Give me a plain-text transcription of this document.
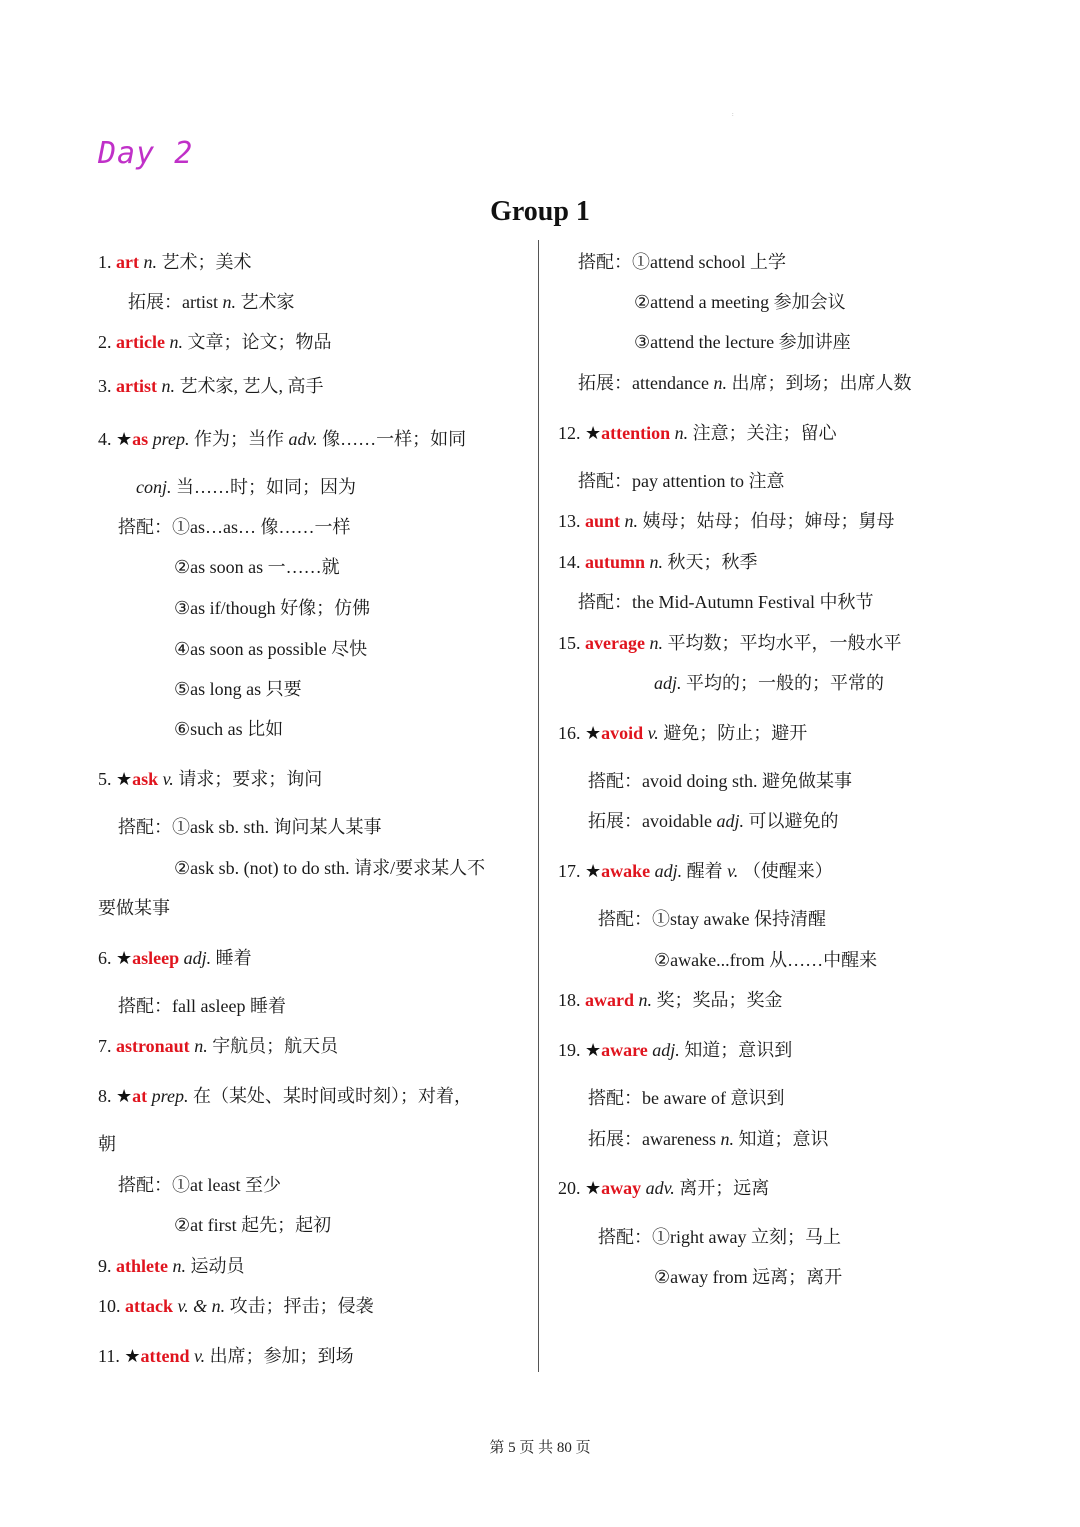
:
Day 2
Group 1
1. art n. 艺术；美术
拓展：artist n. 艺术家
2. article n. 文章；论文；物品
3. artist n. 艺术家, 艺人, 高手
4. ★as prep. 作为；当作 adv. 像……一样；如同
conj. 当……时；如同；因为
搭配：①as…as… 像……一样
②as soon as 一……就
③as if/though 好像；仿佛
④as soon as possible 尽快
⑤as long as 只要
⑥such as 比如
5. ★ask v. 请求；要求；询问
搭配：①ask sb. sth. 询问某人某事
②ask sb. (not) to do sth. 请求/要求某人不
要做某事
6. ★asleep adj. 睡着
搭配：fall asleep 睡着
7. astronaut n. 宇航员；航天员
8. ★at prep. 在（某处、某时间或时刻）；对着，
朝
搭配：①at least 至少
②at first 起先；起初
9. athlete n. 运动员
10. attack v. & n. 攻击；抨击；侵袭
11. ★attend v. 出席；参加；到场
搭配：①attend school 上学
②attend a meeting 参加会议
③attend the lecture 参加讲座
拓展：attendance n. 出席；到场；出席人数
12. ★attention n. 注意；关注；留心
搭配：pay attention to 注意
13. aunt n. 姨母；姑母；伯母；婶母；舅母
14. autumn n. 秋天；秋季
搭配：the Mid-Autumn Festival 中秋节
15. average n. 平均数；平均水平，一般水平
adj. 平均的；一般的；平常的
16. ★avoid v. 避免；防止；避开
搭配：avoid doing sth. 避免做某事
拓展：avoidable adj. 可以避免的
17. ★awake adj. 醒着 v. （使醒来）
搭配：①stay awake 保持清醒
②awake...from 从……中醒来
18. award n. 奖；奖品；奖金
19. ★aware adj. 知道；意识到
搭配：be aware of 意识到
拓展：awareness n. 知道；意识
20. ★away adv. 离开；远离
搭配：①right away 立刻；马上
②away from 远离；离开
第 5 页 共 80 页
